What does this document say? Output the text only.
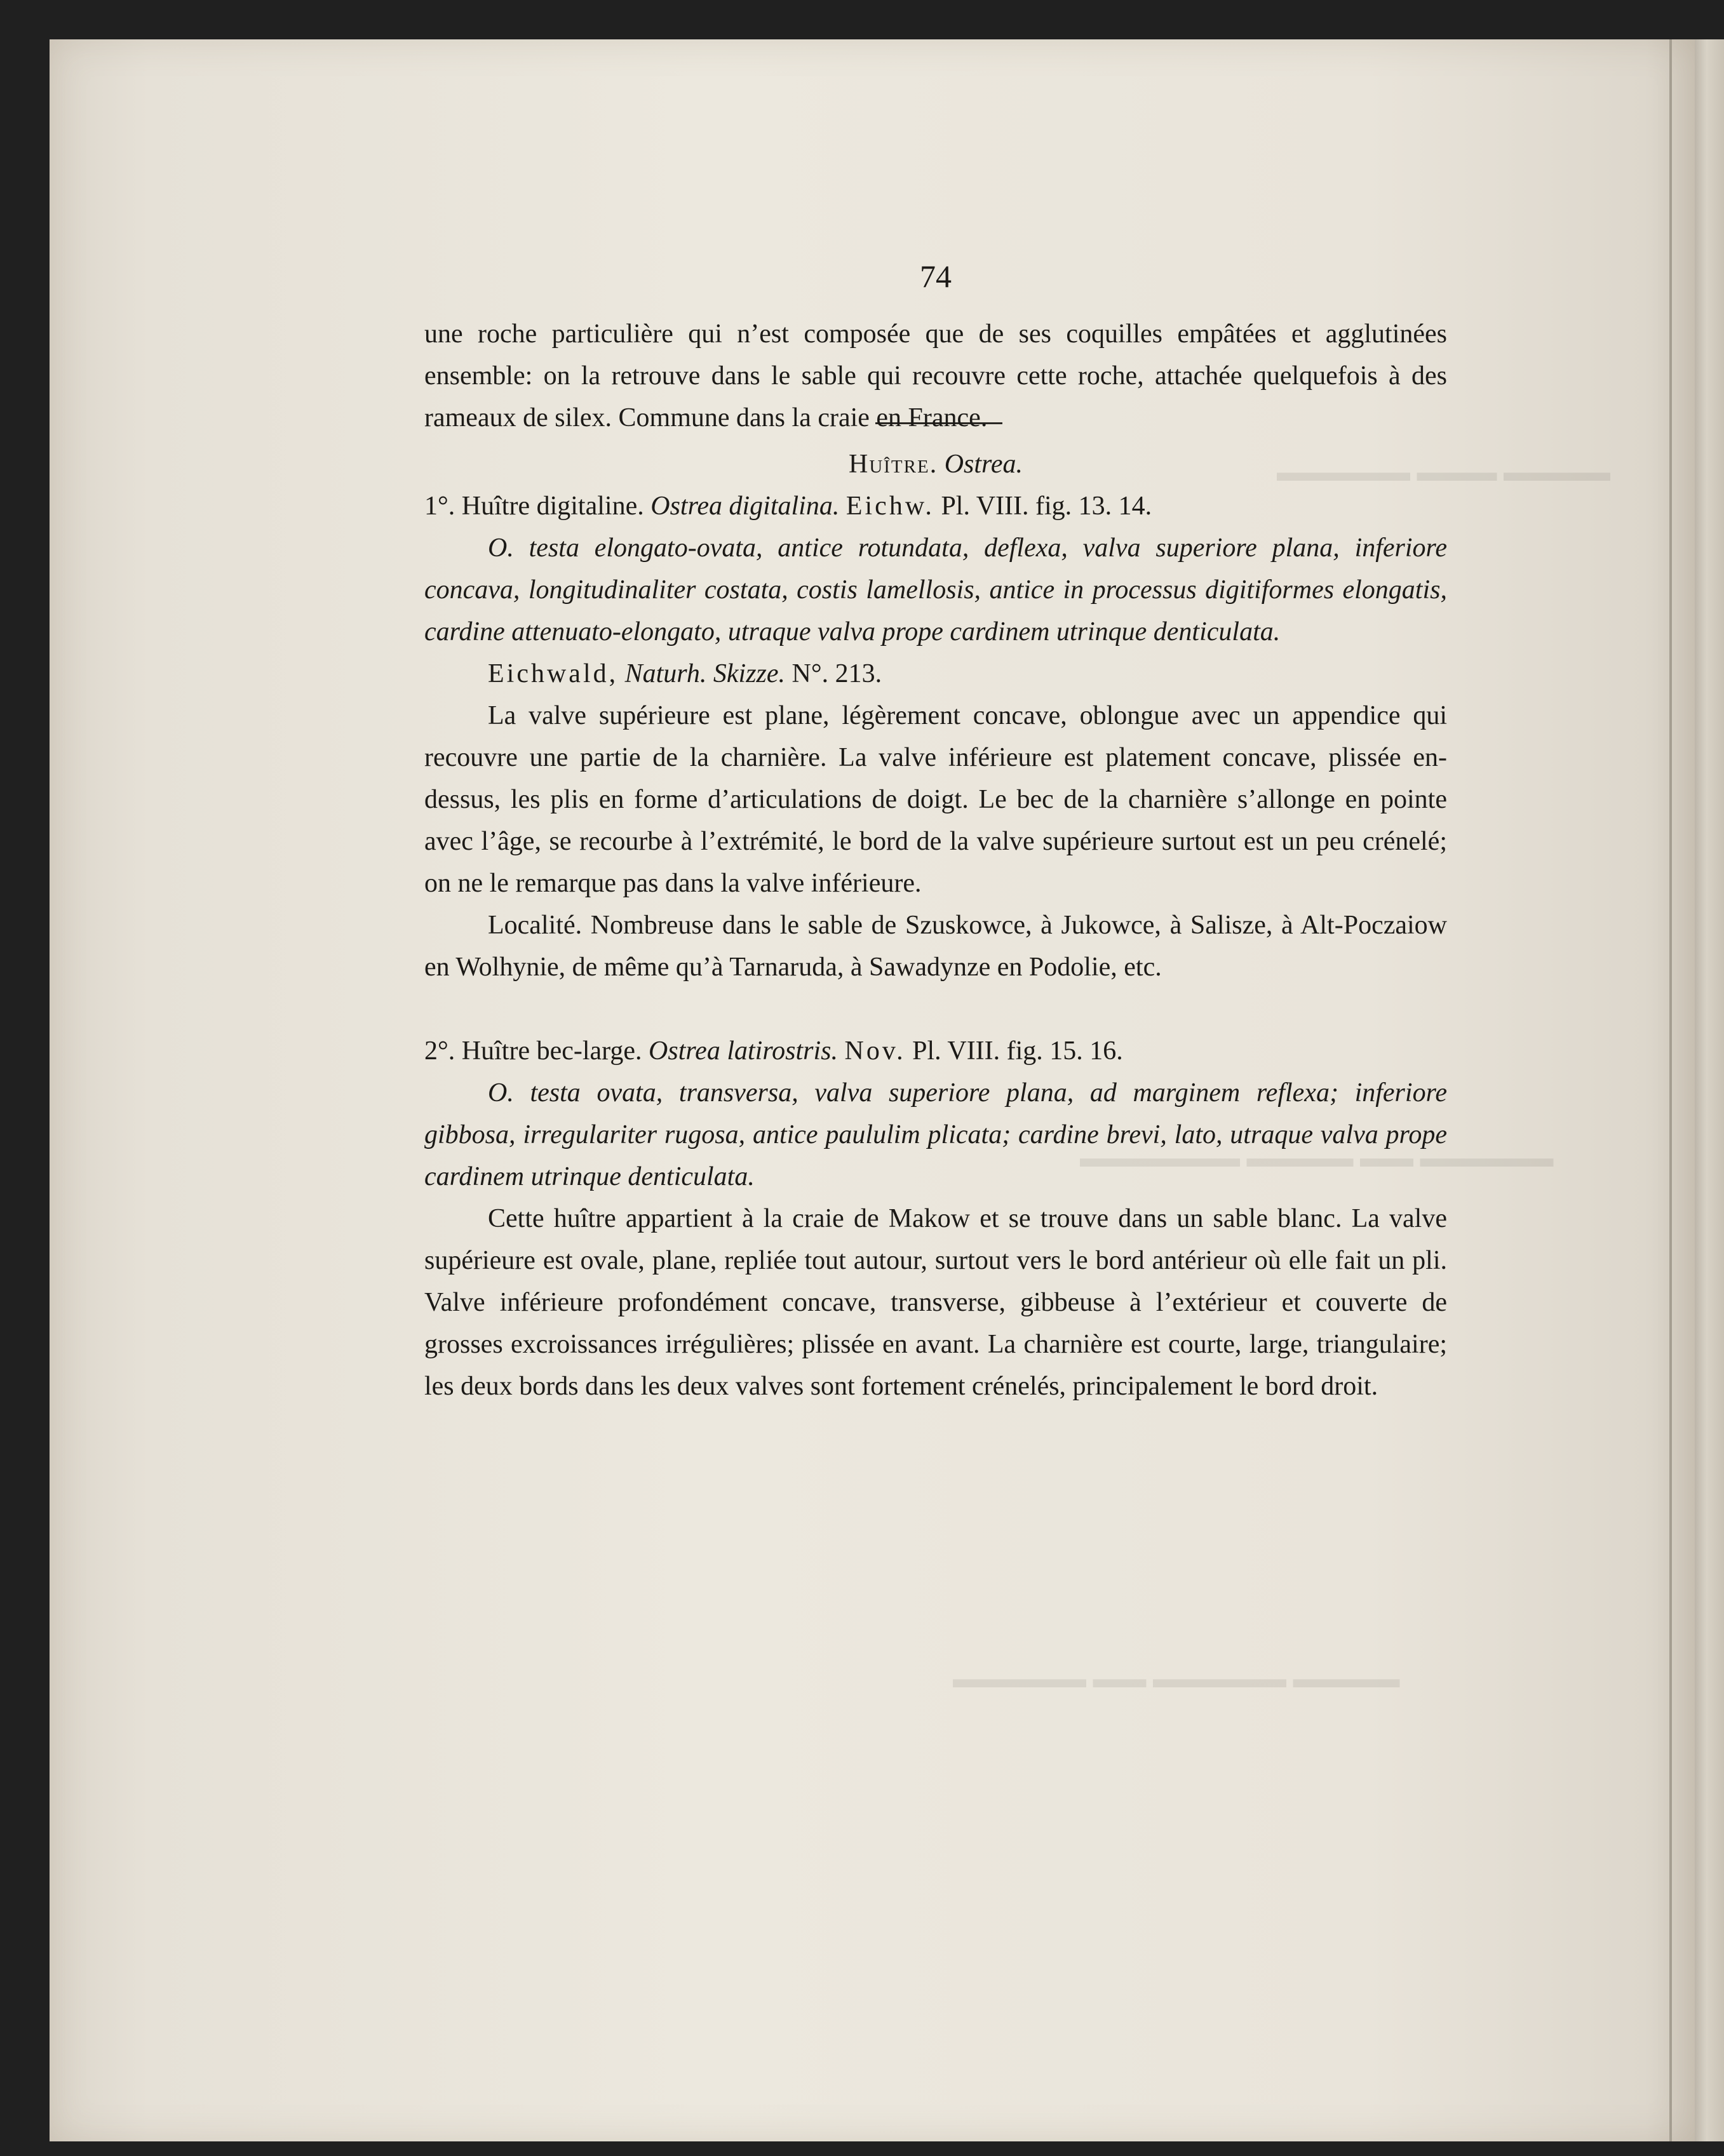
▬▬▬▬ ▬▬▬ ▬▬▬▬▬
▬▬▬▬▬ ▬▬ ▬▬▬▬ ▬▬▬▬▬▬
▬▬▬▬ ▬▬▬▬▬ ▬▬ ▬▬▬▬▬
74

une roche particulière qui n’est composée que de ses coquilles empâtées et agglutinées ensemble: on la retrouve dans le sable qui recouvre cette roche, attachée quelquefois à des rameaux de silex. Commune dans la craie en France.

Huître. Ostrea.

1°. Huître digitaline. Ostrea digitalina. Eichw. Pl. VIII. fig. 13. 14.

O. testa elongato-ovata, antice rotundata, deflexa, valva superiore plana, inferiore concava, longitudinaliter costata, costis lamellosis, antice in processus digitiformes elongatis, cardine attenuato-elongato, utraque valva prope cardinem utrinque denticulata.

Eichwald, Naturh. Skizze. N°. 213.

La valve supérieure est plane, légèrement concave, oblongue avec un appendice qui recouvre une partie de la charnière. La valve inférieure est platement concave, plissée en-dessus, les plis en forme d’articulations de doigt. Le bec de la charnière s’allonge en pointe avec l’âge, se recourbe à l’extrémité, le bord de la valve supérieure surtout est un peu crénelé; on ne le remarque pas dans la valve inférieure.

Localité. Nombreuse dans le sable de Szuskowce, à Jukowce, à Salisze, à Alt-Poczaiow en Wolhynie, de même qu’à Tarnaruda, à Sawadynze en Podolie, etc.

2°. Huître bec-large. Ostrea latirostris. Nov. Pl. VIII. fig. 15. 16.

O. testa ovata, transversa, valva superiore plana, ad marginem reflexa; inferiore gibbosa, irregulariter rugosa, antice paululim plicata; cardine brevi, lato, utraque valva prope cardinem utrinque denticulata.

Cette huître appartient à la craie de Makow et se trouve dans un sable blanc. La valve supérieure est ovale, plane, repliée tout autour, surtout vers le bord antérieur où elle fait un pli. Valve inférieure profondément concave, transverse, gibbeuse à l’extérieur et couverte de grosses excroissances irrégulières; plissée en avant. La charnière est courte, large, triangulaire; les deux bords dans les deux valves sont fortement crénelés, principalement le bord droit.
